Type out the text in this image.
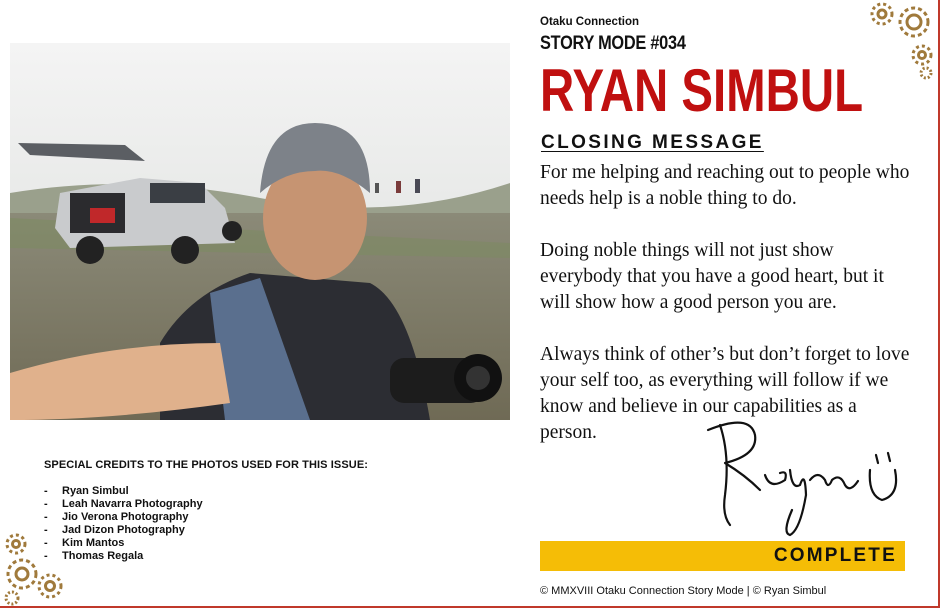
SPECIAL CREDITS TO THE PHOTOS USED FOR THIS ISSUE:
-	Ryan Simbul
-	Leah Navarra Photography
-	Jio Verona Photography
-	Jad Dizon Photography
-	Kim Mantos
-	Thomas Regala
Otaku Connection
STORY MODE #034
RYAN SIMBUL
CLOSING MESSAGE

For me helping and reaching out to people who needs help is a noble thing to do.

Doing noble things will not just show everybody that you have a good heart, but it will show how a good person you are.

Always think of other’s but don’t forget to love your self too, as everything will follow if we know and believe in our capabilities as a person.

COMPLETE
© MMXVIII Otaku Connection Story Mode | © Ryan Simbul
